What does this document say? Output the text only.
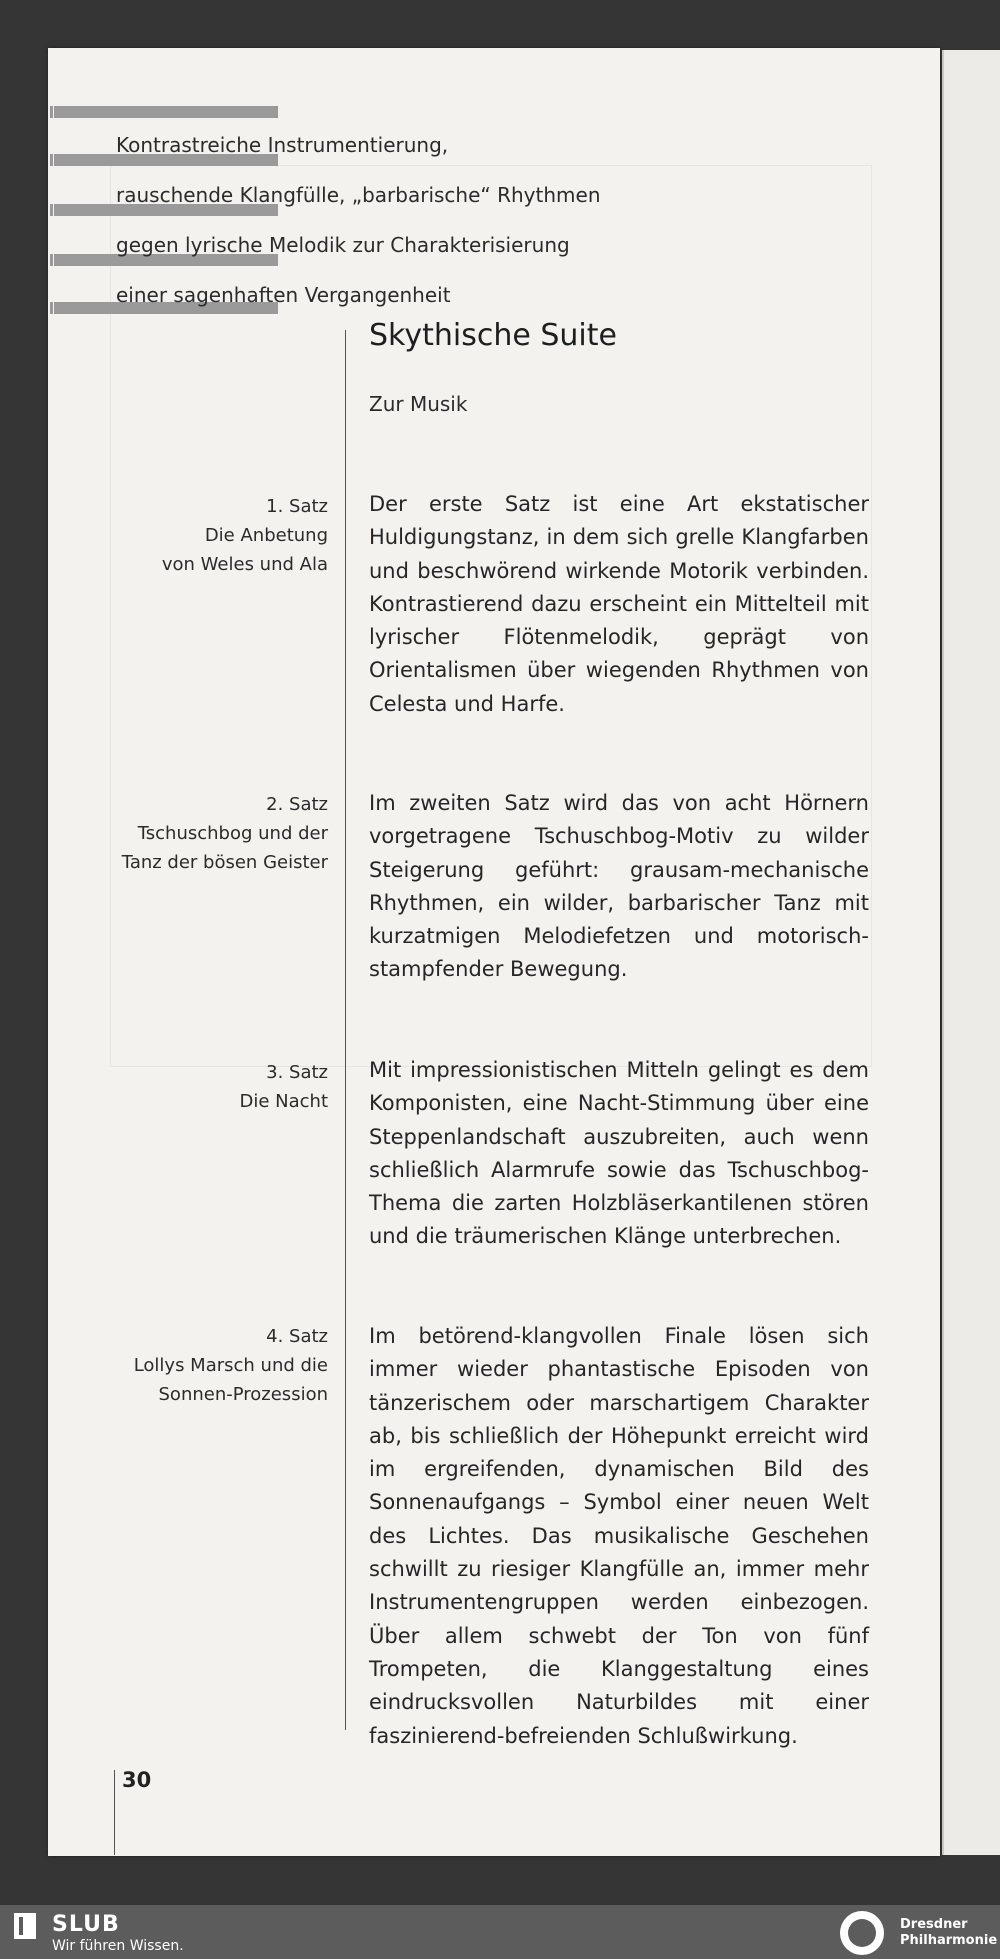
Kontrastreiche Instrumentierung,
rauschende Klangfülle, „barbarische“ Rhythmen
gegen lyrische Melodik zur Charakterisierung
einer sagenhaften Vergangenheit
Skythische Suite
Zur Musik
1. Satz
Die Anbetung
von Weles und Ala
Der erste Satz ist eine Art ekstatischer Huldigungstanz, in dem sich grelle Klangfarben und beschwörend wirkende Motorik verbinden. Kontrastierend dazu erscheint ein Mittelteil mit lyrischer Flötenmelodik, geprägt von Orientalismen über wiegenden Rhythmen von Celesta und Harfe.
2. Satz
Tschuschbog und der
Tanz der bösen Geister
Im zweiten Satz wird das von acht Hörnern vorgetragene Tschuschbog-Motiv zu wilder Steigerung geführt: grausam-mechanische Rhythmen, ein wilder, barbarischer Tanz mit kurzatmigen Melodiefetzen und motorisch-stampfender Bewegung.
3. Satz
Die Nacht
Mit impressionistischen Mitteln gelingt es dem Komponisten, eine Nacht-Stimmung über eine Steppenlandschaft auszubreiten, auch wenn schließlich Alarmrufe sowie das Tschuschbog-Thema die zarten Holzbläserkantilenen stören und die träumerischen Klänge unterbrechen.
4. Satz
Lollys Marsch und die
Sonnen-Prozession
Im betörend-klangvollen Finale lösen sich immer wieder phantastische Episoden von tänzerischem oder marschartigem Charakter ab, bis schließlich der Höhepunkt erreicht wird im ergreifenden, dynamischen Bild des Sonnenaufgangs – Symbol einer neuen Welt des Lichtes. Das musikalische Geschehen schwillt zu riesiger Klangfülle an, immer mehr Instrumentengruppen werden einbezogen. Über allem schwebt der Ton von fünf Trompeten, die Klanggestaltung eines eindrucksvollen Naturbildes mit einer faszinierend-befreienden Schlußwirkung.
30
SLUB
Wir führen Wissen.
Dresdner
Philharmonie
